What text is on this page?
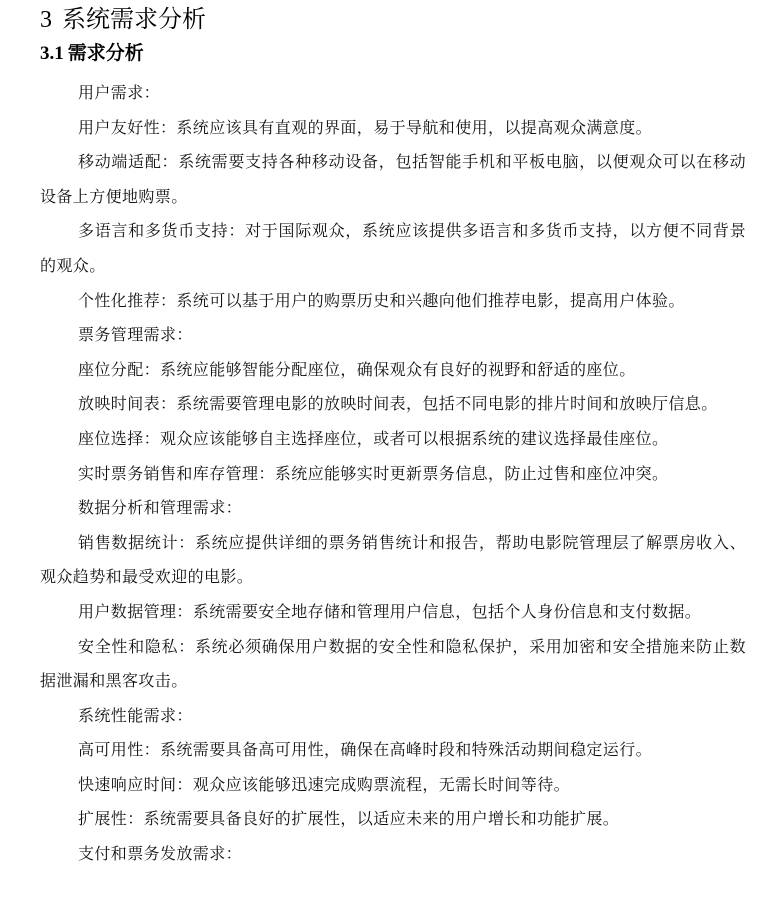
3 系统需求分析
3.1 需求分析

用户需求：

用户友好性：系统应该具有直观的界面，易于导航和使用，以提高观众满意度。

移动端适配：系统需要支持各种移动设备，包括智能手机和平板电脑，以便观众可以在移动设备上方便地购票。

多语言和多货币支持：对于国际观众，系统应该提供多语言和多货币支持，以方便不同背景的观众。

个性化推荐：系统可以基于用户的购票历史和兴趣向他们推荐电影，提高用户体验。

票务管理需求：

座位分配：系统应能够智能分配座位，确保观众有良好的视野和舒适的座位。

放映时间表：系统需要管理电影的放映时间表，包括不同电影的排片时间和放映厅信息。

座位选择：观众应该能够自主选择座位，或者可以根据系统的建议选择最佳座位。

实时票务销售和库存管理：系统应能够实时更新票务信息，防止过售和座位冲突。

数据分析和管理需求：

销售数据统计：系统应提供详细的票务销售统计和报告，帮助电影院管理层了解票房收入、观众趋势和最受欢迎的电影。

用户数据管理：系统需要安全地存储和管理用户信息，包括个人身份信息和支付数据。

安全性和隐私：系统必须确保用户数据的安全性和隐私保护，采用加密和安全措施来防止数据泄漏和黑客攻击。

系统性能需求：

高可用性：系统需要具备高可用性，确保在高峰时段和特殊活动期间稳定运行。

快速响应时间：观众应该能够迅速完成购票流程，无需长时间等待。

扩展性：系统需要具备良好的扩展性，以适应未来的用户增长和功能扩展。

支付和票务发放需求：
